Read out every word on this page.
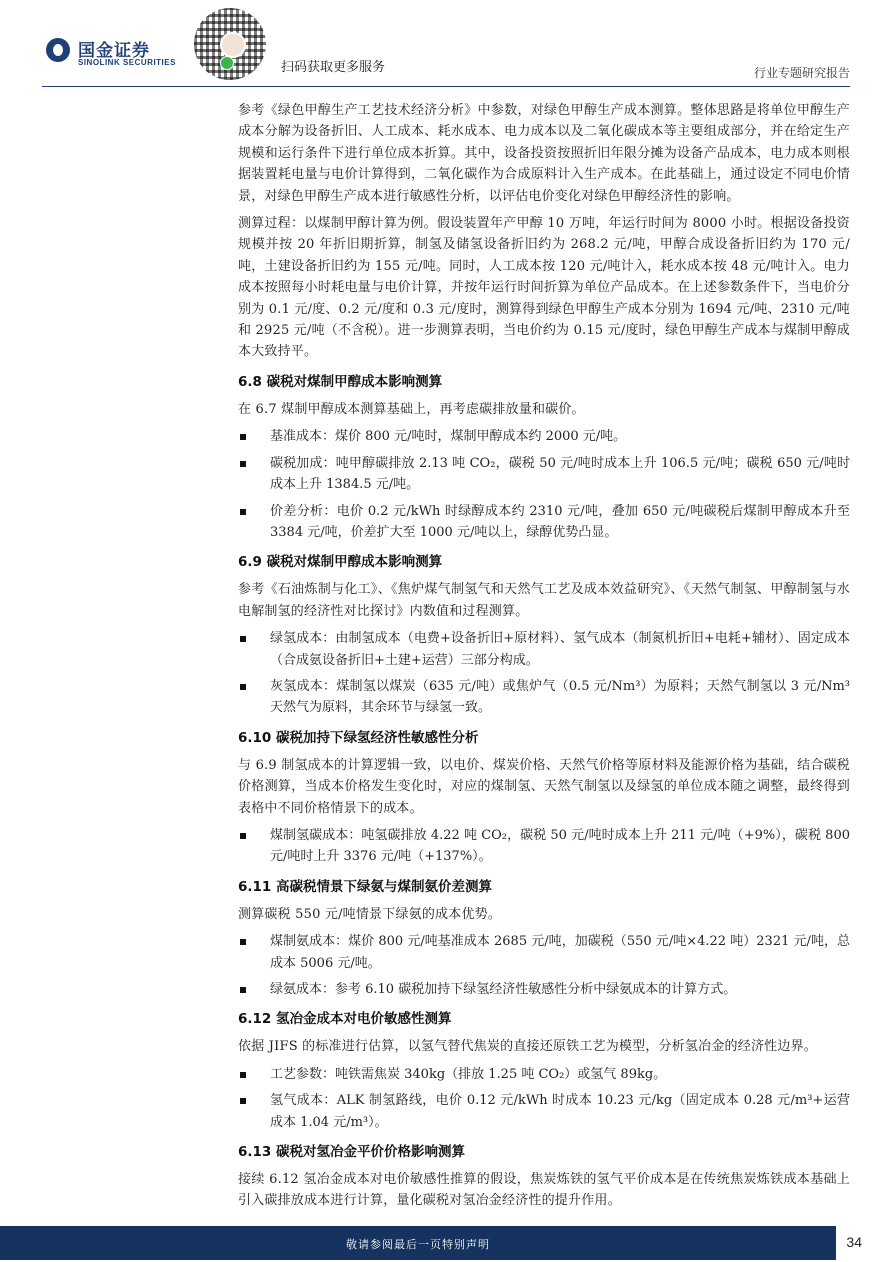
国金证券
SINOLINK SECURITIES	扫码获取更多服务	行业专题研究报告

参考《绿色甲醇生产工艺技术经济分析》中参数，对绿色甲醇生产成本测算。整体思路是将单位甲醇生产成本分解为设备折旧、人工成本、耗水成本、电力成本以及二氧化碳成本等主要组成部分，并在给定生产规模和运行条件下进行单位成本折算。其中，设备投资按照折旧年限分摊为设备产品成本，电力成本则根据装置耗电量与电价计算得到，二氧化碳作为合成原料计入生产成本。在此基础上，通过设定不同电价情景，对绿色甲醇生产成本进行敏感性分析，以评估电价变化对绿色甲醇经济性的影响。

测算过程：以煤制甲醇计算为例。假设装置年产甲醇 10 万吨，年运行时间为 8000 小时。根据设备投资规模并按 20 年折旧期折算，制氢及储氢设备折旧约为 268.2 元/吨，甲醇合成设备折旧约为 170 元/吨，土建设备折旧约为 155 元/吨。同时，人工成本按 120 元/吨计入，耗水成本按 48 元/吨计入。电力成本按照每小时耗电量与电价计算，并按年运行时间折算为单位产品成本。在上述参数条件下，当电价分别为 0.1 元/度、0.2 元/度和 0.3 元/度时，测算得到绿色甲醇生产成本分别为 1694 元/吨、2310 元/吨和 2925 元/吨（不含税）。进一步测算表明，当电价约为 0.15 元/度时，绿色甲醇生产成本与煤制甲醇成本大致持平。

6.8 碳税对煤制甲醇成本影响测算

在 6.7 煤制甲醇成本测算基础上，再考虑碳排放量和碳价。

基准成本：煤价 800 元/吨时，煤制甲醇成本约 2000 元/吨。
碳税加成：吨甲醇碳排放 2.13 吨 CO₂，碳税 50 元/吨时成本上升 106.5 元/吨；碳税 650 元/吨时成本上升 1384.5 元/吨。
价差分析：电价 0.2 元/kWh 时绿醇成本约 2310 元/吨，叠加 650 元/吨碳税后煤制甲醇成本升至 3384 元/吨，价差扩大至 1000 元/吨以上，绿醇优势凸显。
6.9 碳税对煤制甲醇成本影响测算

参考《石油炼制与化工》、《焦炉煤气制氢气和天然气工艺及成本效益研究》、《天然气制氢、甲醇制氢与水电解制氢的经济性对比探讨》内数值和过程测算。

绿氢成本：由制氢成本（电费+设备折旧+原材料）、氢气成本（制氮机折旧+电耗+辅材）、固定成本（合成氨设备折旧+土建+运营）三部分构成。
灰氢成本：煤制氢以煤炭（635 元/吨）或焦炉气（0.5 元/Nm³）为原料；天然气制氢以 3 元/Nm³天然气为原料，其余环节与绿氢一致。
6.10 碳税加持下绿氢经济性敏感性分析

与 6.9 制氢成本的计算逻辑一致，以电价、煤炭价格、天然气价格等原材料及能源价格为基础，结合碳税价格测算，当成本价格发生变化时，对应的煤制氢、天然气制氢以及绿氢的单位成本随之调整，最终得到表格中不同价格情景下的成本。

煤制氢碳成本：吨氢碳排放 4.22 吨 CO₂，碳税 50 元/吨时成本上升 211 元/吨（+9%），碳税 800 元/吨时上升 3376 元/吨（+137%）。
6.11 高碳税情景下绿氨与煤制氨价差测算

测算碳税 550 元/吨情景下绿氨的成本优势。

煤制氨成本：煤价 800 元/吨基准成本 2685 元/吨，加碳税（550 元/吨×4.22 吨）2321 元/吨，总成本 5006 元/吨。
绿氨成本：参考 6.10 碳税加持下绿氢经济性敏感性分析中绿氨成本的计算方式。
6.12 氢冶金成本对电价敏感性测算

依据 JIFS 的标准进行估算，以氢气替代焦炭的直接还原铁工艺为模型，分析氢冶金的经济性边界。

工艺参数：吨铁需焦炭 340kg（排放 1.25 吨 CO₂）或氢气 89kg。
氢气成本：ALK 制氢路线，电价 0.12 元/kWh 时成本 10.23 元/kg（固定成本 0.28 元/m³+运营成本 1.04 元/m³）。
6.13 碳税对氢冶金平价价格影响测算

接续 6.12 氢冶金成本对电价敏感性推算的假设，焦炭炼铁的氢气平价成本是在传统焦炭炼铁成本基础上引入碳排放成本进行计算，量化碳税对氢冶金经济性的提升作用。

敬请参阅最后一页特别声明	34
